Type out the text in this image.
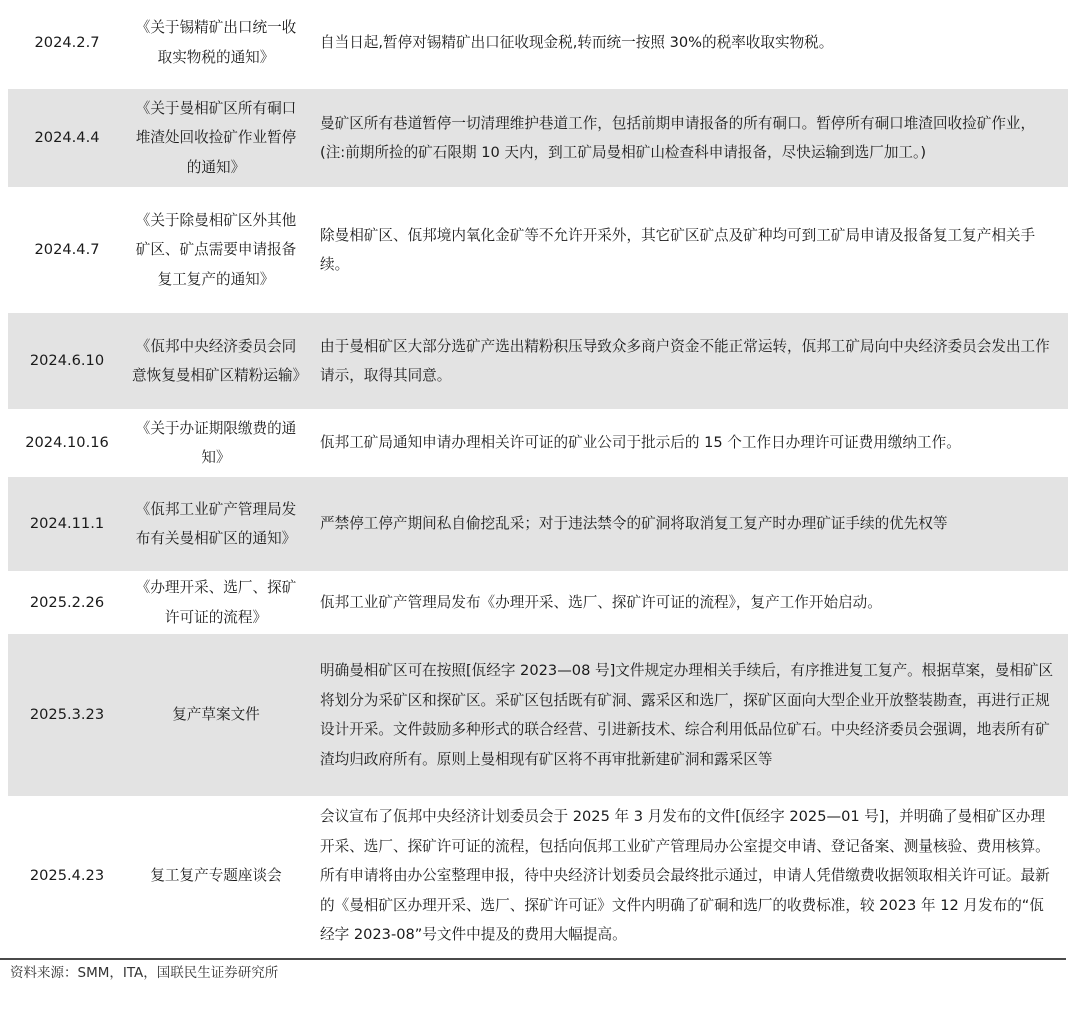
2024.2.7	《关于锡精矿出口统一收取实物税的通知》	自当日起,暂停对锡精矿出口征收现金税,转而统一按照 30%的税率收取实物税。
2024.4.4	《关于曼相矿区所有硐口堆渣处回收捡矿作业暂停的通知》	曼矿区所有巷道暂停一切清理维护巷道工作，包括前期申请报备的所有硐口。暂停所有硐口堆渣回收捡矿作业，(注:前期所捡的矿石限期 10 天内，到工矿局曼相矿山检查科申请报备，尽快运输到选厂加工。)
2024.4.7	《关于除曼相矿区外其他矿区、矿点需要申请报备复工复产的通知》	除曼相矿区、佤邦境内氧化金矿等不允许开采外，其它矿区矿点及矿种均可到工矿局申请及报备复工复产相关手续。
2024.6.10	《佤邦中央经济委员会同意恢复曼相矿区精粉运输》	由于曼相矿区大部分选矿产选出精粉积压导致众多商户资金不能正常运转，佤邦工矿局向中央经济委员会发出工作请示，取得其同意。
2024.10.16	《关于办证期限缴费的通知》	佤邦工矿局通知申请办理相关许可证的矿业公司于批示后的 15 个工作日办理许可证费用缴纳工作。
2024.11.1	《佤邦工业矿产管理局发布有关曼相矿区的通知》	严禁停工停产期间私自偷挖乱采；对于违法禁令的矿洞将取消复工复产时办理矿证手续的优先权等
2025.2.26	《办理开采、选厂、探矿许可证的流程》	佤邦工业矿产管理局发布《办理开采、选厂、探矿许可证的流程》，复产工作开始启动。
2025.3.23	复产草案文件	明确曼相矿区可在按照[佤经字 2023—08 号]文件规定办理相关手续后，有序推进复工复产。根据草案，曼相矿区将划分为采矿区和探矿区。采矿区包括既有矿洞、露采区和选厂，探矿区面向大型企业开放整装勘查，再进行正规设计开采。文件鼓励多种形式的联合经营、引进新技术、综合利用低品位矿石。中央经济委员会强调，地表所有矿渣均归政府所有。原则上曼相现有矿区将不再审批新建矿洞和露采区等
2025.4.23	复工复产专题座谈会	会议宣布了佤邦中央经济计划委员会于 2025 年 3 月发布的文件[佤经字 2025—01 号]，并明确了曼相矿区办理开采、选厂、探矿许可证的流程，包括向佤邦工业矿产管理局办公室提交申请、登记备案、测量核验、费用核算。所有申请将由办公室整理申报，待中央经济计划委员会最终批示通过，申请人凭借缴费收据领取相关许可证。最新的《曼相矿区办理开采、选厂、探矿许可证》文件内明确了矿硐和选厂的收费标准，较 2023 年 12 月发布的“佤经字 2023-08”号文件中提及的费用大幅提高。
资料来源：SMM，ITA，国联民生证券研究所
